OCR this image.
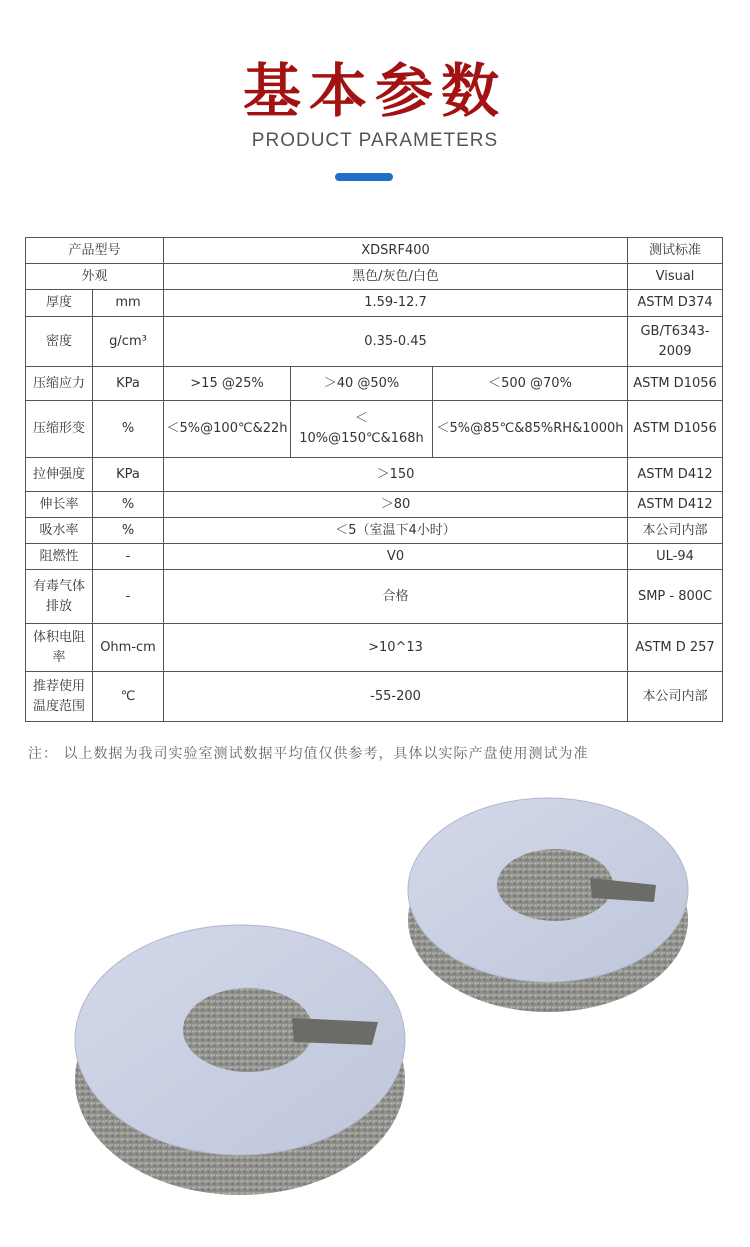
基本参数
PRODUCT PARAMETERS
产品型号		XDSRF400			测试标准
外观		黑色/灰色/白色			Visual
厚度	mm	1.59-12.7			ASTM D374
密度	g/cm³	0.35-0.45			GB/T6343-2009
压缩应力	KPa	>15 @25%	＞40 @50%	＜500 @70%	ASTM D1056
压缩形变	%	＜5%@100℃&22h	＜10%@150℃&168h	＜5%@85℃&85%RH&1000h	ASTM D1056
拉伸强度	KPa	＞150			ASTM D412
伸长率	%	＞80			ASTM D412
吸水率	%	＜5（室温下4小时）			本公司内部
阻燃性	-	V0			UL-94
有毒气体排放	-	合格			SMP - 800C
体积电阻率	Ohm-cm	>10^13			ASTM D 257
推荐使用温度范围	℃	-55-200			本公司内部
注： 以上数据为我司实验室测试数据平均值仅供参考，具体以实际产盘使用测试为准
